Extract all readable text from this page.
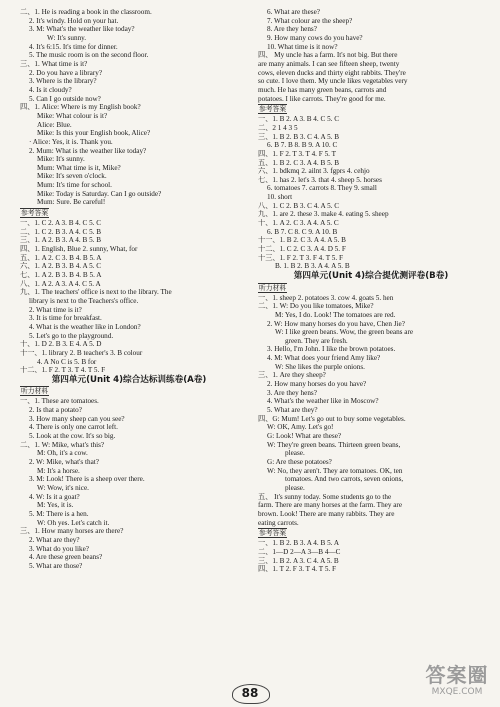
二、1. He is reading a book in the classroom.
2. It's windy. Hold on your hat.
3. M: What's the weather like today?
W: It's sunny.
4. It's 6:15. It's time for dinner.
5. The music room is on the second floor.
三、1. What time is it?
2. Do you have a library?
3. Where is the library?
4. Is it cloudy?
5. Can I go outside now?
四、1. Alice: Where is my English book?
Mike: What colour is it?
Alice: Blue.
Mike: Is this your English book, Alice?
· Alice: Yes, it is. Thank you.
2. Mum: What is the weather like today?
Mike: It's sunny.
Mum: What time is it, Mike?
Mike: It's seven o'clock.
Mum: It's time for school.
Mike: Today is Saturday. Can I go outside?
Mum: Sure. Be careful!
参考答案
一、1. C 2. A 3. B 4. C 5. C
二、1. C 2. B 3. A 4. C 5. B
三、1. A 2. B 3. A 4. B 5. B
四、1. English, Blue 2. sunny, What, for
五、1. A 2. C 3. B 4. B 5. A
六、1. A 2. B 3. B 4. A 5. C
七、1. A 2. B 3. B 4. B 5. A
八、1. A 2. A 3. A 4. C 5. A
九、1. The teachers' office is next to the library. The
library is next to the Teachers's office.
2. What time is it?
3. It is time for breakfast.
4. What is the weather like in London?
5. Let's go to the playground.
十、1. D 2. B 3. E 4. A 5. D
十一、1. library 2. B teacher's 3. B colour
4. A No C is 5. B for
十二、1. F 2. T 3. T 4. T 5. F
第四单元(Unit 4)综合达标训练卷(A卷)
听力材料
一、1. These are tomatoes.
2. Is that a potato?
3. How many sheep can you see?
4. There is only one carrot left.
5. Look at the cow. It's so big.
二、1. W: Mike, what's this?
M: Oh, it's a cow.
2. W: Mike, what's that?
M: It's a horse.
3. M: Look! There is a sheep over there.
W: Wow, it's nice.
4. W: Is it a goat?
M: Yes, it is.
5. M: There is a hen.
W: Oh yes. Let's catch it.
三、1. How many horses are there?
2. What are they?
3. What do you like?
4. Are these green beans?
5. What are those?
6. What are these?
7. What colour are the sheep?
8. Are they hens?
9. How many cows do you have?
10. What time is it now?
四、 My uncle has a farm. It's not big. But there
are many animals. I can see fifteen sheep, twenty
cows, eleven ducks and thirty eight rabbits. They're
so cute. I love them. My uncle likes vegetables very
much. He has many green beans, carrots and
potatoes. I like carrots. They're good for me.
参考答案
一、1. B 2. A 3. B 4. C 5. C
二、2 1 4 3 5
三、1. B 2. B 3. C 4. A 5. B
6. B 7. B 8. B 9. A 10. C
四、1. F 2. T 3. T 4. F 5. T
五、1. B 2. C 3. A 4. B 5. B
六、1. bdkmq 2. ailnt 3. fgprs 4. cehjo
七、1. has 2. let's 3. that 4. sheep 5. horses
6. tomatoes 7. carrots 8. They 9. small
10. short
八、1. C 2. B 3. C 4. A 5. C
九、1. are 2. these 3. make 4. eating 5. sheep
十、1. A 2. C 3. A 4. A 5. C
6. B 7. C 8. C 9. A 10. B
十一、1. B 2. C 3. A 4. A 5. B
十二、1. C 2. C 3. A 4. D 5. F
十三、1. F 2. T 3. F 4. T 5. F
B. 1. B 2. B 3. A 4. A 5. B
第四单元(Unit 4)综合提优测评卷(B卷)
听力材料
一、1. sheep 2. potatoes 3. cow 4. goats 5. hen
二、1. W: Do you like tomatoes, Mike?
M: Yes, I do. Look! The tomatoes are red.
2. W: How many horses do you have, Chen Jie?
W: I like green beans. Wow, the green beans are
green. They are fresh.
3. Hello, I'm John. I like the brown potatoes.
4. M: What does your friend Amy like?
W: She likes the purple onions.
三、1. Are they sheep?
2. How many horses do you have?
3. Are they hens?
4. What's the weather like in Moscow?
5. What are they?
四、G: Mum! Let's go out to buy some vegetables.
W: OK, Amy. Let's go!
G: Look! What are these?
W: They're green beans. Thirteen green beans,
please.
G: Are these potatoes?
W: No, they aren't. They are tomatoes. OK, ten
tomatoes. And two carrots, seven onions,
please.
五、 It's sunny today. Some students go to the
farm. There are many horses at the farm. They are
brown. Look! There are many rabbits. They are
eating carrots.
参考答案
一、1. B 2. B 3. A 4. B 5. A
二、1—D 2—A 3—B 4—C
三、1. B 2. A 3. C 4. A 5. B
四、1. T 2. F 3. T 4. T 5. F
88
答案圈
MXQE.COM
